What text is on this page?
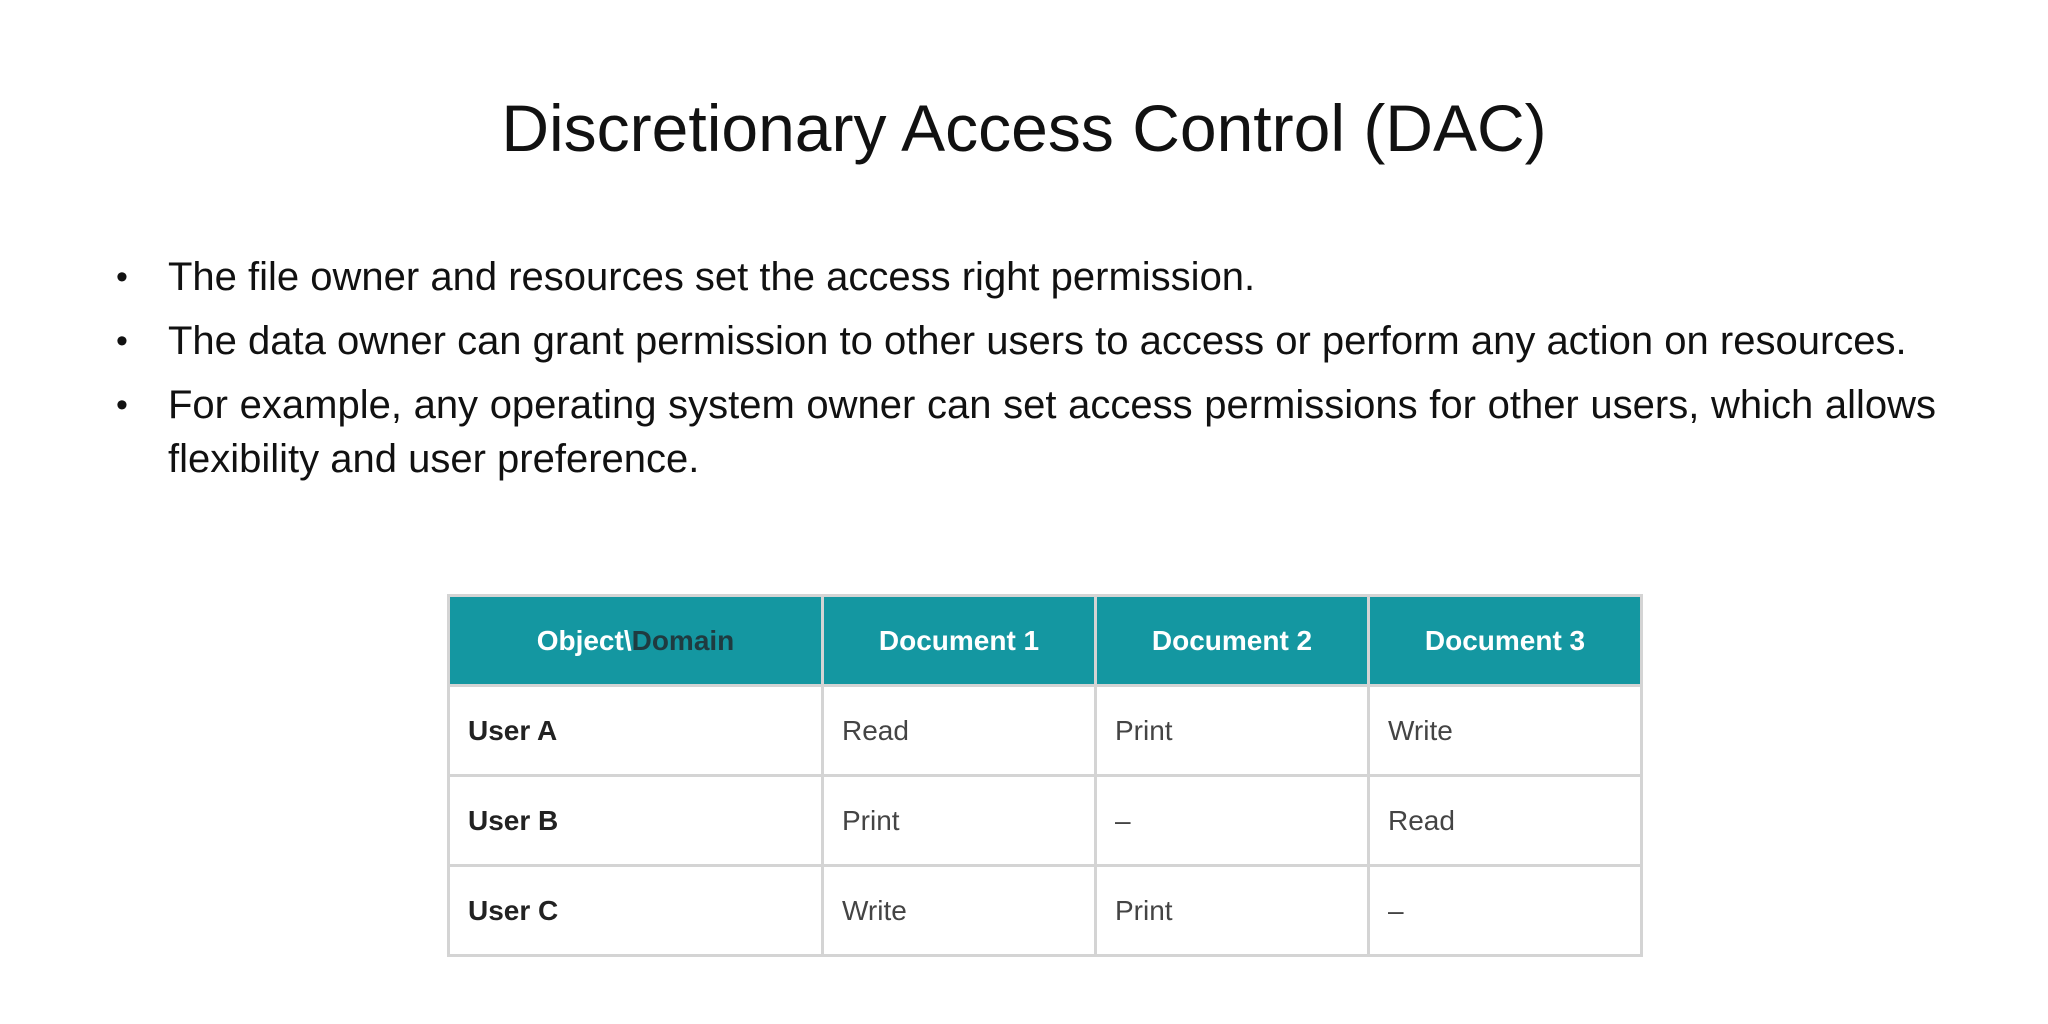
Discretionary Access Control (DAC)
•	The file owner and resources set the access right permission.
•	The data owner can grant permission to other users to access or perform any action on resources.
•	For example, any operating system owner can set access permissions for other users, which allows flexibility and user preference.
Object\Domain	Document 1	Document 2	Document 3
User A	Read	Print	Write
User B	Print	–	Read
User C	Write	Print	–
